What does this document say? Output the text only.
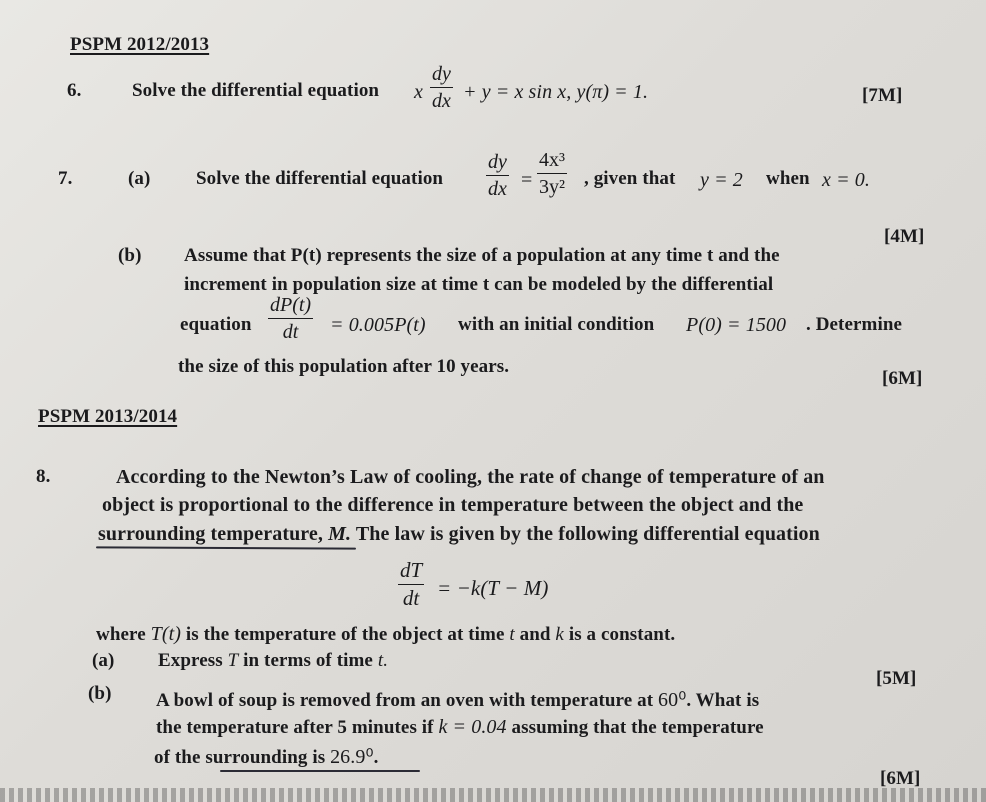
PSPM 2012/2013
6.	Solve the differential equation x
dy
dx + y = x sin x, y(π) = 1.	[7M]
7.	(a) Solve the differential equation
dy
dx =
4x³
3y² , given that y = 2 when x = 0.
[4M]
(b) Assume that P(t) represents the size of a population at any time t and the
increment in population size at time t can be modeled by the differential
equation
dP(t)
dt = 0.005P(t) with an initial condition P(0) = 1500 . Determine
the size of this population after 10 years.
[6M]
PSPM 2013/2014
8.	According to the Newton’s Law of cooling, the rate of change of temperature of an
object is proportional to the difference in temperature between the object and the
surrounding temperature, M. The law is given by the following differential equation
dT
dt = −k(T − M)
where T(t) is the temperature of the object at time t and k is a constant.
(a) Express T in terms of time t.
[5M]
(b) A bowl of soup is removed from an oven with temperature at 60⁰. What is
the temperature after 5 minutes if k = 0.04 assuming that the temperature
of the surrounding is 26.9⁰.
[6M]
